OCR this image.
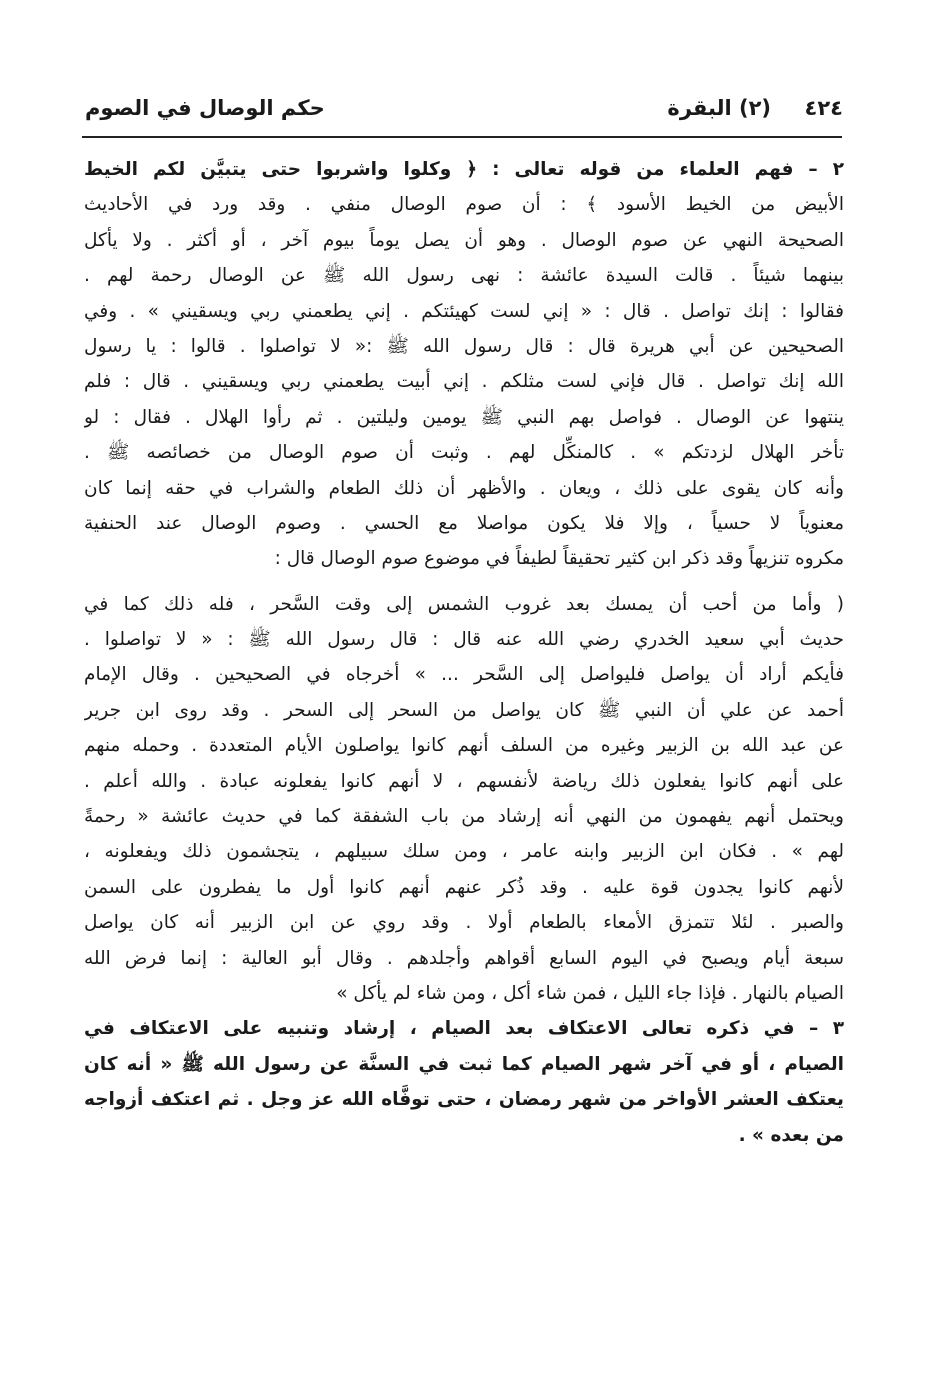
٤٢٤
(٢) البقرة
حكم الوصال في الصوم

٢ – فهم العلماء من قوله تعالى : ﴿ وكلوا واشربوا حتى يتبيَّن لكم الخيط
الأبيض من الخيط الأسود ﴾ : أن صوم الوصال منفي . وقد ورد في الأحاديث
الصحيحة النهي عن صوم الوصال . وهو أن يصل يوماً بيوم آخر ، أو أكثر . ولا يأكل
بينهما شيئاً . قالت السيدة عائشة : نهى رسول الله ﷺ عن الوصال رحمة لهم .
فقالوا : إنك تواصل . قال : « إني لست كهيئتكم . إني يطعمني ربي ويسقيني » . وفي
الصحيحين عن أبي هريرة قال : قال رسول الله ﷺ :« لا تواصلوا . قالوا : يا رسول
الله إنك تواصل . قال فإني لست مثلكم . إني أبيت يطعمني ربي ويسقيني . قال : فلم
ينتهوا عن الوصال . فواصل بهم النبي ﷺ يومين وليلتين . ثم رأوا الهلال . فقال : لو
تأخر الهلال لزدتكم » . كالمنكِّل لهم . وثبت أن صوم الوصال من خصائصه ﷺ .
وأنه كان يقوى على ذلك ، ويعان . والأظهر أن ذلك الطعام والشراب في حقه إنما كان
معنوياً لا حسياً ، وإلا فلا يكون مواصلا مع الحسي . وصوم الوصال عند الحنفية
مكروه تنزيهاً وقد ذكر ابن كثير تحقيقاً لطيفاً في موضوع صوم الوصال قال :

( وأما من أحب أن يمسك بعد غروب الشمس إلى وقت السَّحر ، فله ذلك كما في
حديث أبي سعيد الخدري رضي الله عنه قال : قال رسول الله ﷺ : « لا تواصلوا .
فأيكم أراد أن يواصل فليواصل إلى السَّحر ... » أخرجاه في الصحيحين . وقال الإمام
أحمد عن علي أن النبي ﷺ كان يواصل من السحر إلى السحر . وقد روى ابن جرير
عن عبد الله بن الزبير وغيره من السلف أنهم كانوا يواصلون الأيام المتعددة . وحمله منهم
على أنهم كانوا يفعلون ذلك رياضة لأنفسهم ، لا أنهم كانوا يفعلونه عبادة . والله أعلم .
ويحتمل أنهم يفهمون من النهي أنه إرشاد من باب الشفقة كما في حديث عائشة « رحمةً
لهم » . فكان ابن الزبير وابنه عامر ، ومن سلك سبيلهم ، يتجشمون ذلك ويفعلونه ،
لأنهم كانوا يجدون قوة عليه . وقد ذُكر عنهم أنهم كانوا أول ما يفطرون على السمن
والصبر . لئلا تتمزق الأمعاء بالطعام أولا . وقد روي عن ابن الزبير أنه كان يواصل
سبعة أيام ويصبح في اليوم السابع أقواهم وأجلدهم . وقال أبو العالية : إنما فرض الله
الصيام بالنهار . فإذا جاء الليل ، فمن شاء أكل ، ومن شاء لم يأكل »

٣ – في ذكره تعالى الاعتكاف بعد الصيام ، إرشاد وتنبيه على الاعتكاف في
الصيام ، أو في آخر شهر الصيام كما ثبت في السنَّة عن رسول الله ﷺ « أنه كان
يعتكف العشر الأواخر من شهر رمضان ، حتى توفَّاه الله عز وجل . ثم اعتكف أزواجه
من بعده » .
